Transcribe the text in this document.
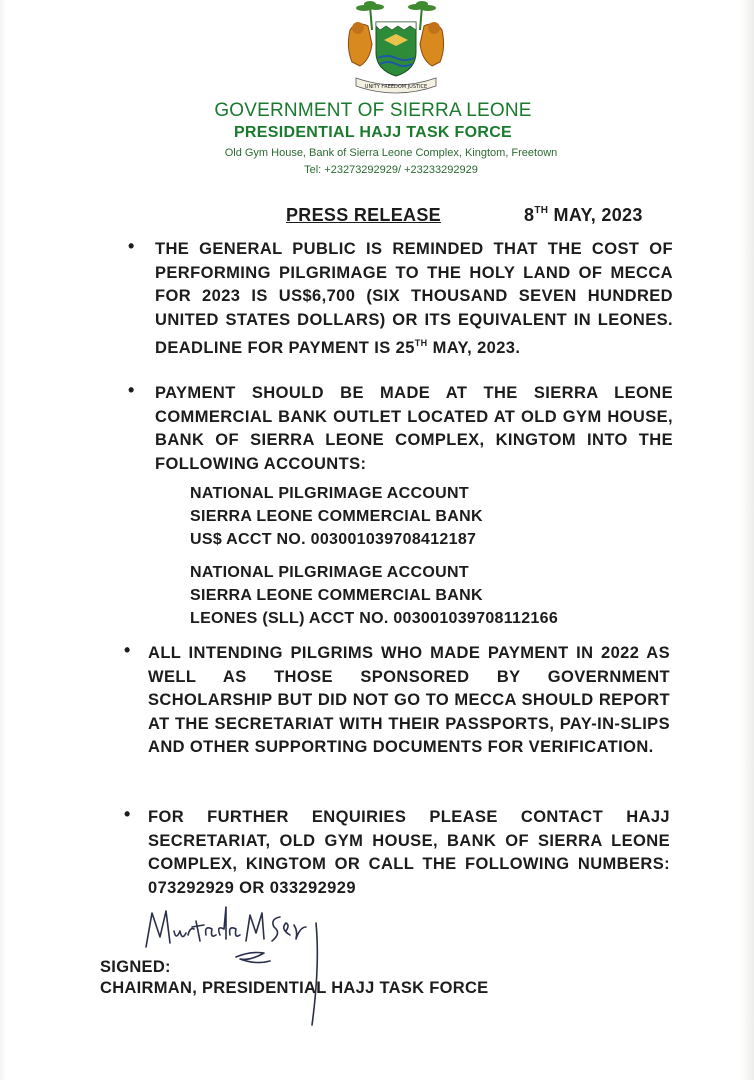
UNITY FREEDOM JUSTICE
GOVERNMENT OF SIERRA LEONE
PRESIDENTIAL HAJJ TASK FORCE
Old Gym House, Bank of Sierra Leone Complex, Kingtom, Freetown
Tel: +23273292929/ +23233292929
PRESS RELEASE	8TH MAY, 2023
• THE GENERAL PUBLIC IS REMINDED THAT THE COST OF PERFORMING PILGRIMAGE TO THE HOLY LAND OF MECCA FOR 2023 IS US$6,700 (SIX THOUSAND SEVEN HUNDRED UNITED STATES DOLLARS) OR ITS EQUIVALENT IN LEONES. DEADLINE FOR PAYMENT IS 25TH MAY, 2023.
• PAYMENT SHOULD BE MADE AT THE SIERRA LEONE COMMERCIAL BANK OUTLET LOCATED AT OLD GYM HOUSE, BANK OF SIERRA LEONE COMPLEX, KINGTOM INTO THE FOLLOWING ACCOUNTS:
NATIONAL PILGRIMAGE ACCOUNT
SIERRA LEONE COMMERCIAL BANK
US$ ACCT NO. 003001039708412187
NATIONAL PILGRIMAGE ACCOUNT
SIERRA LEONE COMMERCIAL BANK
LEONES (SLL) ACCT NO. 003001039708112166
• ALL INTENDING PILGRIMS WHO MADE PAYMENT IN 2022 AS WELL AS THOSE SPONSORED BY GOVERNMENT SCHOLARSHIP BUT DID NOT GO TO MECCA SHOULD REPORT AT THE SECRETARIAT WITH THEIR PASSPORTS, PAY-IN-SLIPS AND OTHER SUPPORTING DOCUMENTS FOR VERIFICATION.
• FOR FURTHER ENQUIRIES PLEASE CONTACT HAJJ SECRETARIAT, OLD GYM HOUSE, BANK OF SIERRA LEONE COMPLEX, KINGTOM OR CALL THE FOLLOWING NUMBERS: 073292929 OR 033292929
SIGNED:
CHAIRMAN, PRESIDENTIAL HAJJ TASK FORCE
